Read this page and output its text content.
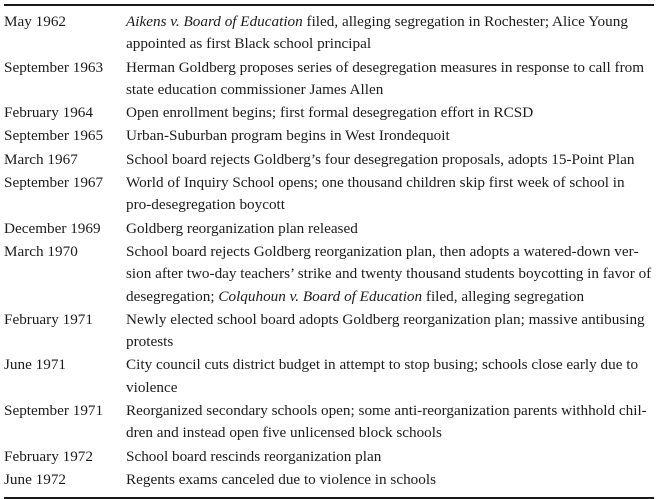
May 1962	Aikens v. Board of Education filed, alleging segregation in Rochester; Alice Young appointed as first Black school principal
September 1963	Herman Goldberg proposes series of desegregation measures in response to call from state education commissioner James Allen
February 1964	Open enrollment begins; first formal desegregation effort in RCSD
September 1965	Urban-Suburban program begins in West Irondequoit
March 1967	School board rejects Goldberg’s four desegregation proposals, adopts 15-Point Plan
September 1967	World of Inquiry School opens; one thousand children skip first week of school in pro-desegregation boycott
December 1969	Goldberg reorganization plan released
March 1970	School board rejects Goldberg reorganization plan, then adopts a watered-down version after two-day teachers’ strike and twenty thousand students boycotting in favor of desegregation; Colquhoun v. Board of Education filed, alleging segregation
February 1971	Newly elected school board adopts Goldberg reorganization plan; massive antibusing protests
June 1971	City council cuts district budget in attempt to stop busing; schools close early due to violence
September 1971	Reorganized secondary schools open; some anti-reorganization parents withhold children and instead open five unlicensed block schools
February 1972	School board rescinds reorganization plan
June 1972	Regents exams canceled due to violence in schools
